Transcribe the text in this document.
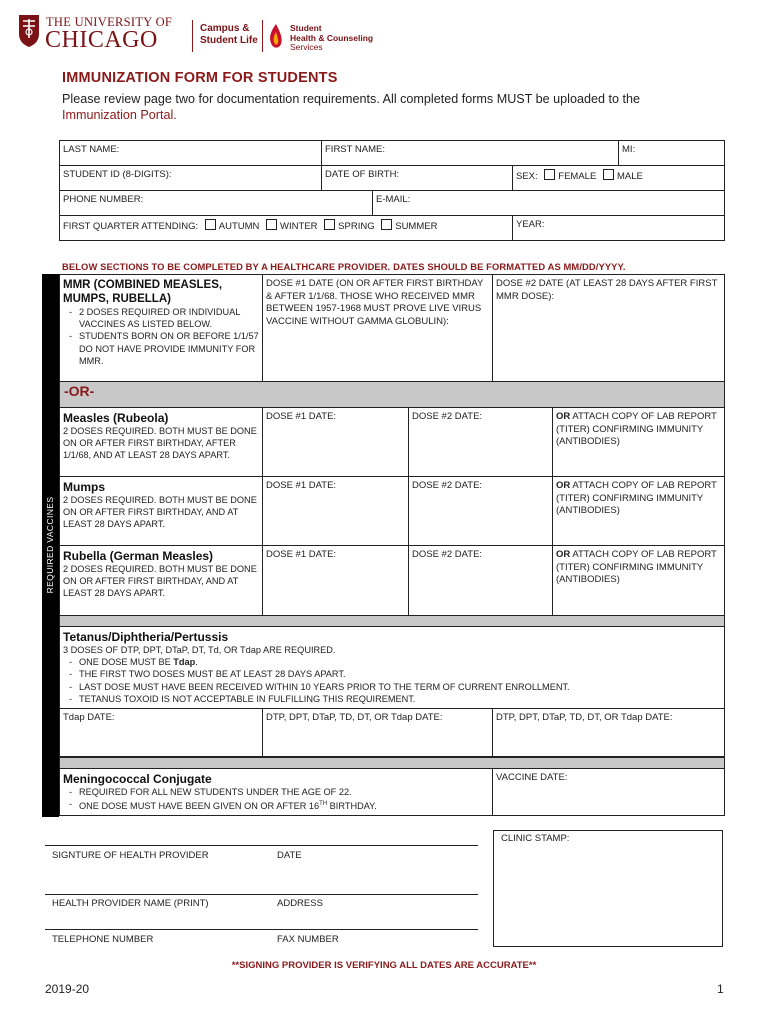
THE UNIVERSITY OF
CHICAGO	Campus &
Student Life
Student
Health & Counseling
Services
IMMUNIZATION FORM FOR STUDENTS
Please review page two for documentation requirements. All completed forms MUST be uploaded to the
Immunization Portal.
LAST NAME:	FIRST NAME:			MI:
STUDENT ID (8-DIGITS):	DATE OF BIRTH:		SEX: FEMALE MALE	
PHONE NUMBER:		E-MAIL:		
FIRST QUARTER ATTENDING: AUTUMN WINTER SPRING SUMMER			YEAR:	
BELOW SECTIONS TO BE COMPLETED BY A HEALTHCARE PROVIDER. DATES SHOULD BE FORMATTED AS MM/DD/YYYY.
REQUIRED VACCINES
MMR (COMBINED MEASLES, MUMPS, RUBELLA)
- 2 DOSES REQUIRED OR INDIVIDUAL VACCINES AS LISTED BELOW.
- STUDENTS BORN ON OR BEFORE 1/1/57 DO NOT HAVE PROVIDE IMMUNITY FOR MMR.
	DOSE #1 DATE (ON OR AFTER FIRST BIRTHDAY & AFTER 1/1/68. THOSE WHO RECEIVED MMR BETWEEN 1957-1968 MUST PROVE LIVE VIRUS VACCINE WITHOUT GAMMA GLOBULIN):	DOSE #2 DATE (AT LEAST 28 DAYS AFTER FIRST MMR DOSE):
-OR-
Measles (Rubeola)
2 DOSES REQUIRED. BOTH MUST BE DONE ON OR AFTER FIRST BIRTHDAY, AFTER 1/1/68, AND AT LEAST 28 DAYS APART.	DOSE #1 DATE:	DOSE #2 DATE:	OR ATTACH COPY OF LAB REPORT (TITER) CONFIRMING IMMUNITY (ANTIBODIES)

Mumps
2 DOSES REQUIRED. BOTH MUST BE DONE ON OR AFTER FIRST BIRTHDAY, AND AT LEAST 28 DAYS APART.	DOSE #1 DATE:	DOSE #2 DATE:	OR ATTACH COPY OF LAB REPORT (TITER) CONFIRMING IMMUNITY (ANTIBODIES)

Rubella (German Measles)
2 DOSES REQUIRED. BOTH MUST BE DONE ON OR AFTER FIRST BIRTHDAY, AND AT LEAST 28 DAYS APART.	DOSE #1 DATE:	DOSE #2 DATE:	OR ATTACH COPY OF LAB REPORT (TITER) CONFIRMING IMMUNITY (ANTIBODIES)

Tetanus/Diphtheria/Pertussis
3 DOSES OF DTP, DPT, DTaP, DT, Td, OR Tdap ARE REQUIRED.
- ONE DOSE MUST BE Tdap.
- THE FIRST TWO DOSES MUST BE AT LEAST 28 DAYS APART.
- LAST DOSE MUST HAVE BEEN RECEIVED WITHIN 10 YEARS PRIOR TO THE TERM OF CURRENT ENROLLMENT.
- TETANUS TOXOID IS NOT ACCEPTABLE IN FULFILLING THIS REQUIREMENT.

Tdap DATE:	DTP, DPT, DTaP, TD, DT, OR Tdap DATE:	DTP, DPT, DTaP, TD, DT, OR Tdap DATE:

Meningococcal Conjugate
- REQUIRED FOR ALL NEW STUDENTS UNDER THE AGE OF 22.
- ONE DOSE MUST HAVE BEEN GIVEN ON OR AFTER 16TH BIRTHDAY.
	VACCINE DATE:
SIGNTURE OF HEALTH PROVIDER	DATE
HEALTH PROVIDER NAME (PRINT)	ADDRESS
TELEPHONE NUMBER	FAX NUMBER
CLINIC STAMP:
**SIGNING PROVIDER IS VERIFYING ALL DATES ARE ACCURATE**
2019-20	1
